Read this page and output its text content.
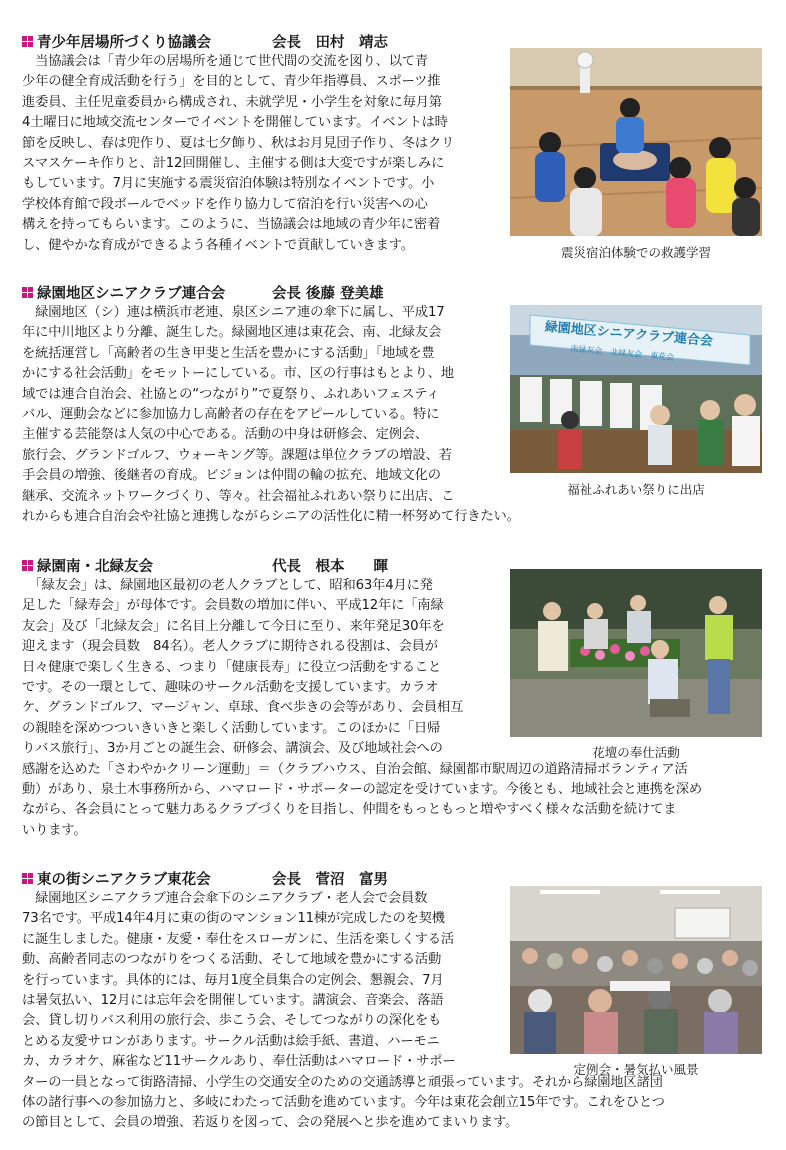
青少年居場所づくり協議会	会長　田村　靖志

　当協議会は「青少年の居場所を通じて世代間の交流を図り、以て青
少年の健全育成活動を行う」を目的として、青少年指導員、スポーツ推
進委員、主任児童委員から構成され、未就学児・小学生を対象に毎月第
4土曜日に地域交流センターでイベントを開催しています。イベントは時
節を反映し、春は兜作り、夏は七夕飾り、秋はお月見団子作り、冬はクリ
スマスケーキ作りと、計12回開催し、主催する側は大変ですが楽しみに
もしています。7月に実施する震災宿泊体験は特別なイベントです。小
学校体育館で段ボールでベッドを作り協力して宿泊を行い災害への心
構えを持ってもらいます。このように、当協議会は地域の青少年に密着
し、健やかな育成ができるよう各種イベントで貢献していきます。	震災宿泊体験での救護学習
緑園地区シニアクラブ連合会	会長 後藤 登美雄

　緑園地区（シ）連は横浜市老連、泉区シニア連の傘下に属し、平成17
年に中川地区より分離、誕生した。緑園地区連は東花会、南、北緑友会
を統括運営し「高齢者の生き甲斐と生活を豊かにする活動」「地域を豊
かにする社会活動」をモットーにしている。市、区の行事はもとより、地
域では連合自治会、社協との“つながり”で夏祭り、ふれあいフェスティ
バル、運動会などに参加協力し高齢者の存在をアピールしている。特に
主催する芸能祭は人気の中心である。活動の中身は研修会、定例会、
旅行会、グランドゴルフ、ウォーキング等。課題は単位クラブの増設、若
手会員の増強、後継者の育成。ビジョンは仲間の輪の拡充、地域文化の
継承、交流ネットワークづくり、等々。社会福祉ふれあい祭りに出店、こ
れからも連合自治会や社協と連携しながらシニアの活性化に精一杯努めて行きたい。

緑園地区シニアクラブ連合会
南緑友会　北緑友会　東花会
福祉ふれあい祭りに出店
緑園南・北緑友会	代長　根本　　暉

　「緑友会」は、緑園地区最初の老人クラブとして、昭和63年4月に発
足した「緑寿会」が母体です。会員数の増加に伴い、平成12年に「南緑
友会」及び「北緑友会」に名目上分離して今日に至り、来年発足30年を
迎えます（現会員数　84名）。老人クラブに期待される役割は、会員が
日々健康で楽しく生きる、つまり「健康長寿」に役立つ活動をすること
です。その一環として、趣味のサークル活動を支援しています。カラオ
ケ、グランドゴルフ、マージャン、卓球、食べ歩きの会等があり、会員相互
の親睦を深めつついきいきと楽しく活動しています。このほかに「日帰
りバス旅行」、3か月ごとの誕生会、研修会、講演会、及び地域社会への
感謝を込めた「さわやかクリーン運動」＝（クラブハウス、自治会館、緑園都市駅周辺の道路清掃ボランティア活
動）があり、泉土木事務所から、ハマロード・サポーターの認定を受けています。今後とも、地域社会と連携を深め
ながら、各会員にとって魅力あるクラブづくりを目指し、仲間をもっともっと増やすべく様々な活動を続けてま
いります。

花壇の奉仕活動
東の街シニアクラブ東花会	会長　菅沼　富男

　緑園地区シニアクラブ連合会傘下のシニアクラブ・老人会で会員数
73名です。平成14年4月に東の街のマンション11棟が完成したのを契機
に誕生しました。健康・友愛・奉仕をスローガンに、生活を楽しくする活
動、高齢者同志のつながりをつくる活動、そして地域を豊かにする活動
を行っています。具体的には、毎月1度全員集合の定例会、懇親会、7月
は暑気払い、12月には忘年会を開催しています。講演会、音楽会、落語
会、貸し切りバス利用の旅行会、歩こう会、そしてつながりの深化をも
とめる友愛サロンがあります。サークル活動は絵手紙、書道、ハーモニ
カ、カラオケ、麻雀など11サークルあり、奉仕活動はハマロード・サポー
ターの一員となって街路清掃、小学生の交通安全のための交通誘導と頑張っています。それから緑園地区諸団
体の諸行事への参加協力と、多岐にわたって活動を進めています。今年は東花会創立15年です。これをひとつ
の節目として、会員の増強、若返りを図って、会の発展へと歩を進めてまいります。

定例会・暑気払い風景
